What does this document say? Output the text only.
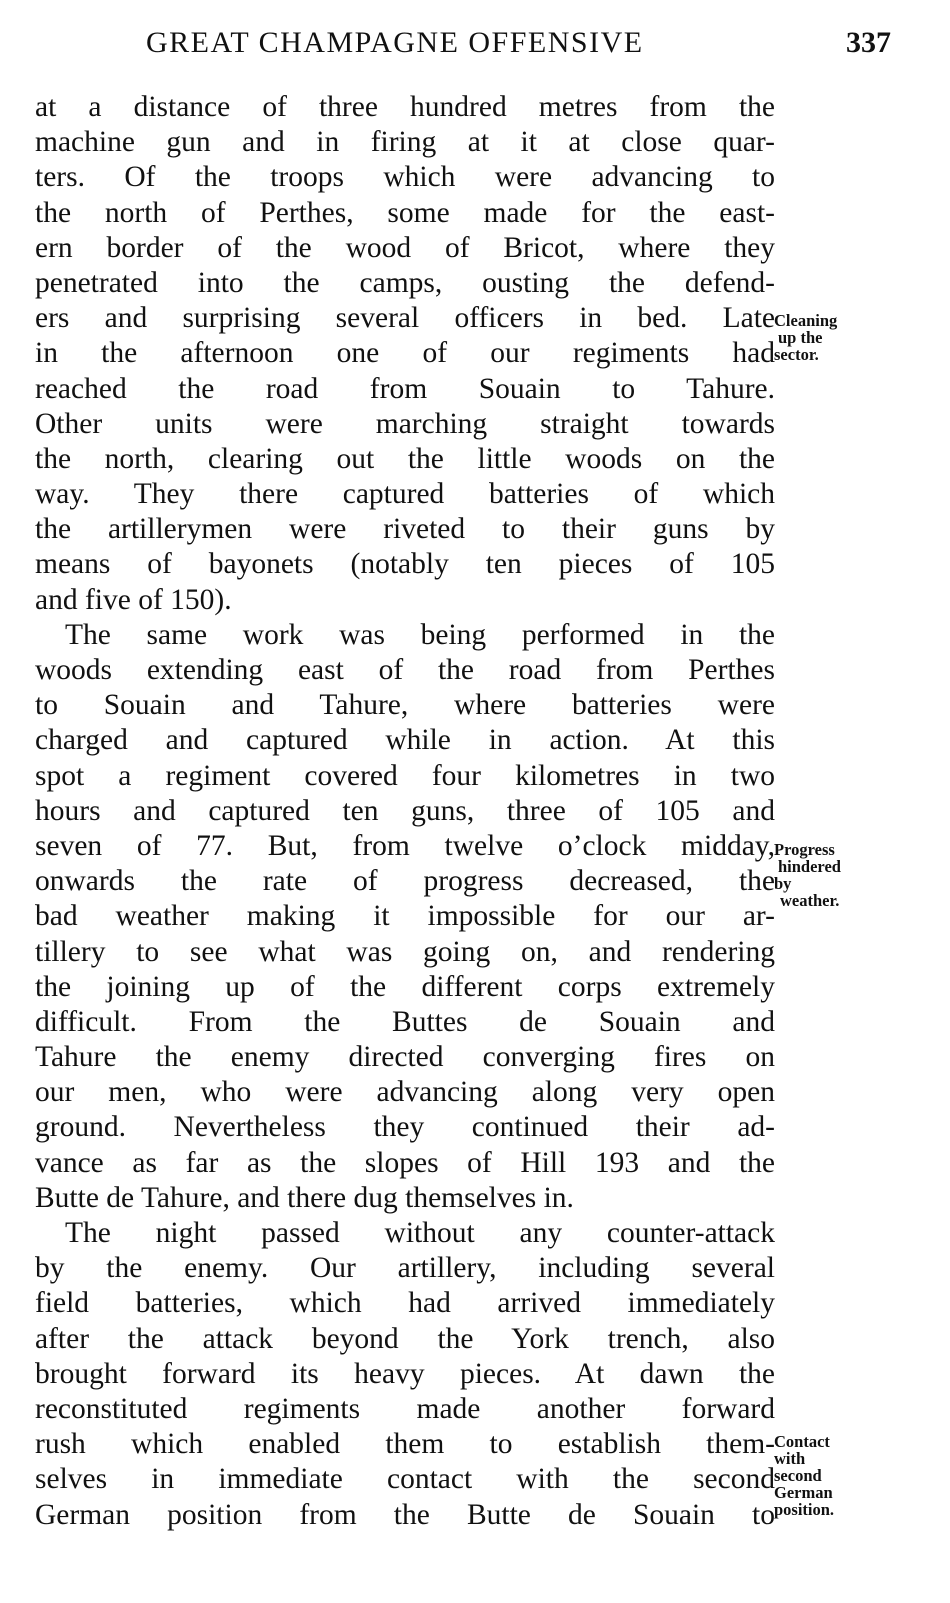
GREAT CHAMPAGNE OFFENSIVE	337
at a distance of three hundred metres from the
machine gun and in firing at it at close quar-
ters. Of the troops which were advancing to
the north of Perthes, some made for the east-
ern border of the wood of Bricot, where they
penetrated into the camps, ousting the defend-
ers and surprising several officers in bed. Late
in the afternoon one of our regiments had
reached the road from Souain to Tahure.
Other units were marching straight towards
the north, clearing out the little woods on the
way. They there captured batteries of which
the artillerymen were riveted to their guns by
means of bayonets (notably ten pieces of 105
and five of 150).
The same work was being performed in the
woods extending east of the road from Perthes
to Souain and Tahure, where batteries were
charged and captured while in action. At this
spot a regiment covered four kilometres in two
hours and captured ten guns, three of 105 and
seven of 77. But, from twelve o’clock midday,
onwards the rate of progress decreased, the
bad weather making it impossible for our ar-
tillery to see what was going on, and rendering
the joining up of the different corps extremely
difficult. From the Buttes de Souain and
Tahure the enemy directed converging fires on
our men, who were advancing along very open
ground. Nevertheless they continued their ad-
vance as far as the slopes of Hill 193 and the
Butte de Tahure, and there dug themselves in.
The night passed without any counter-attack
by the enemy. Our artillery, including several
field batteries, which had arrived immediately
after the attack beyond the York trench, also
brought forward its heavy pieces. At dawn the
reconstituted regiments made another forward
rush which enabled them to establish them-
selves in immediate contact with the second
German position from the Butte de Souain to
Cleaning
up the
sector.
Progress
hindered
by
weather.
Contact
with
second
German
position.
